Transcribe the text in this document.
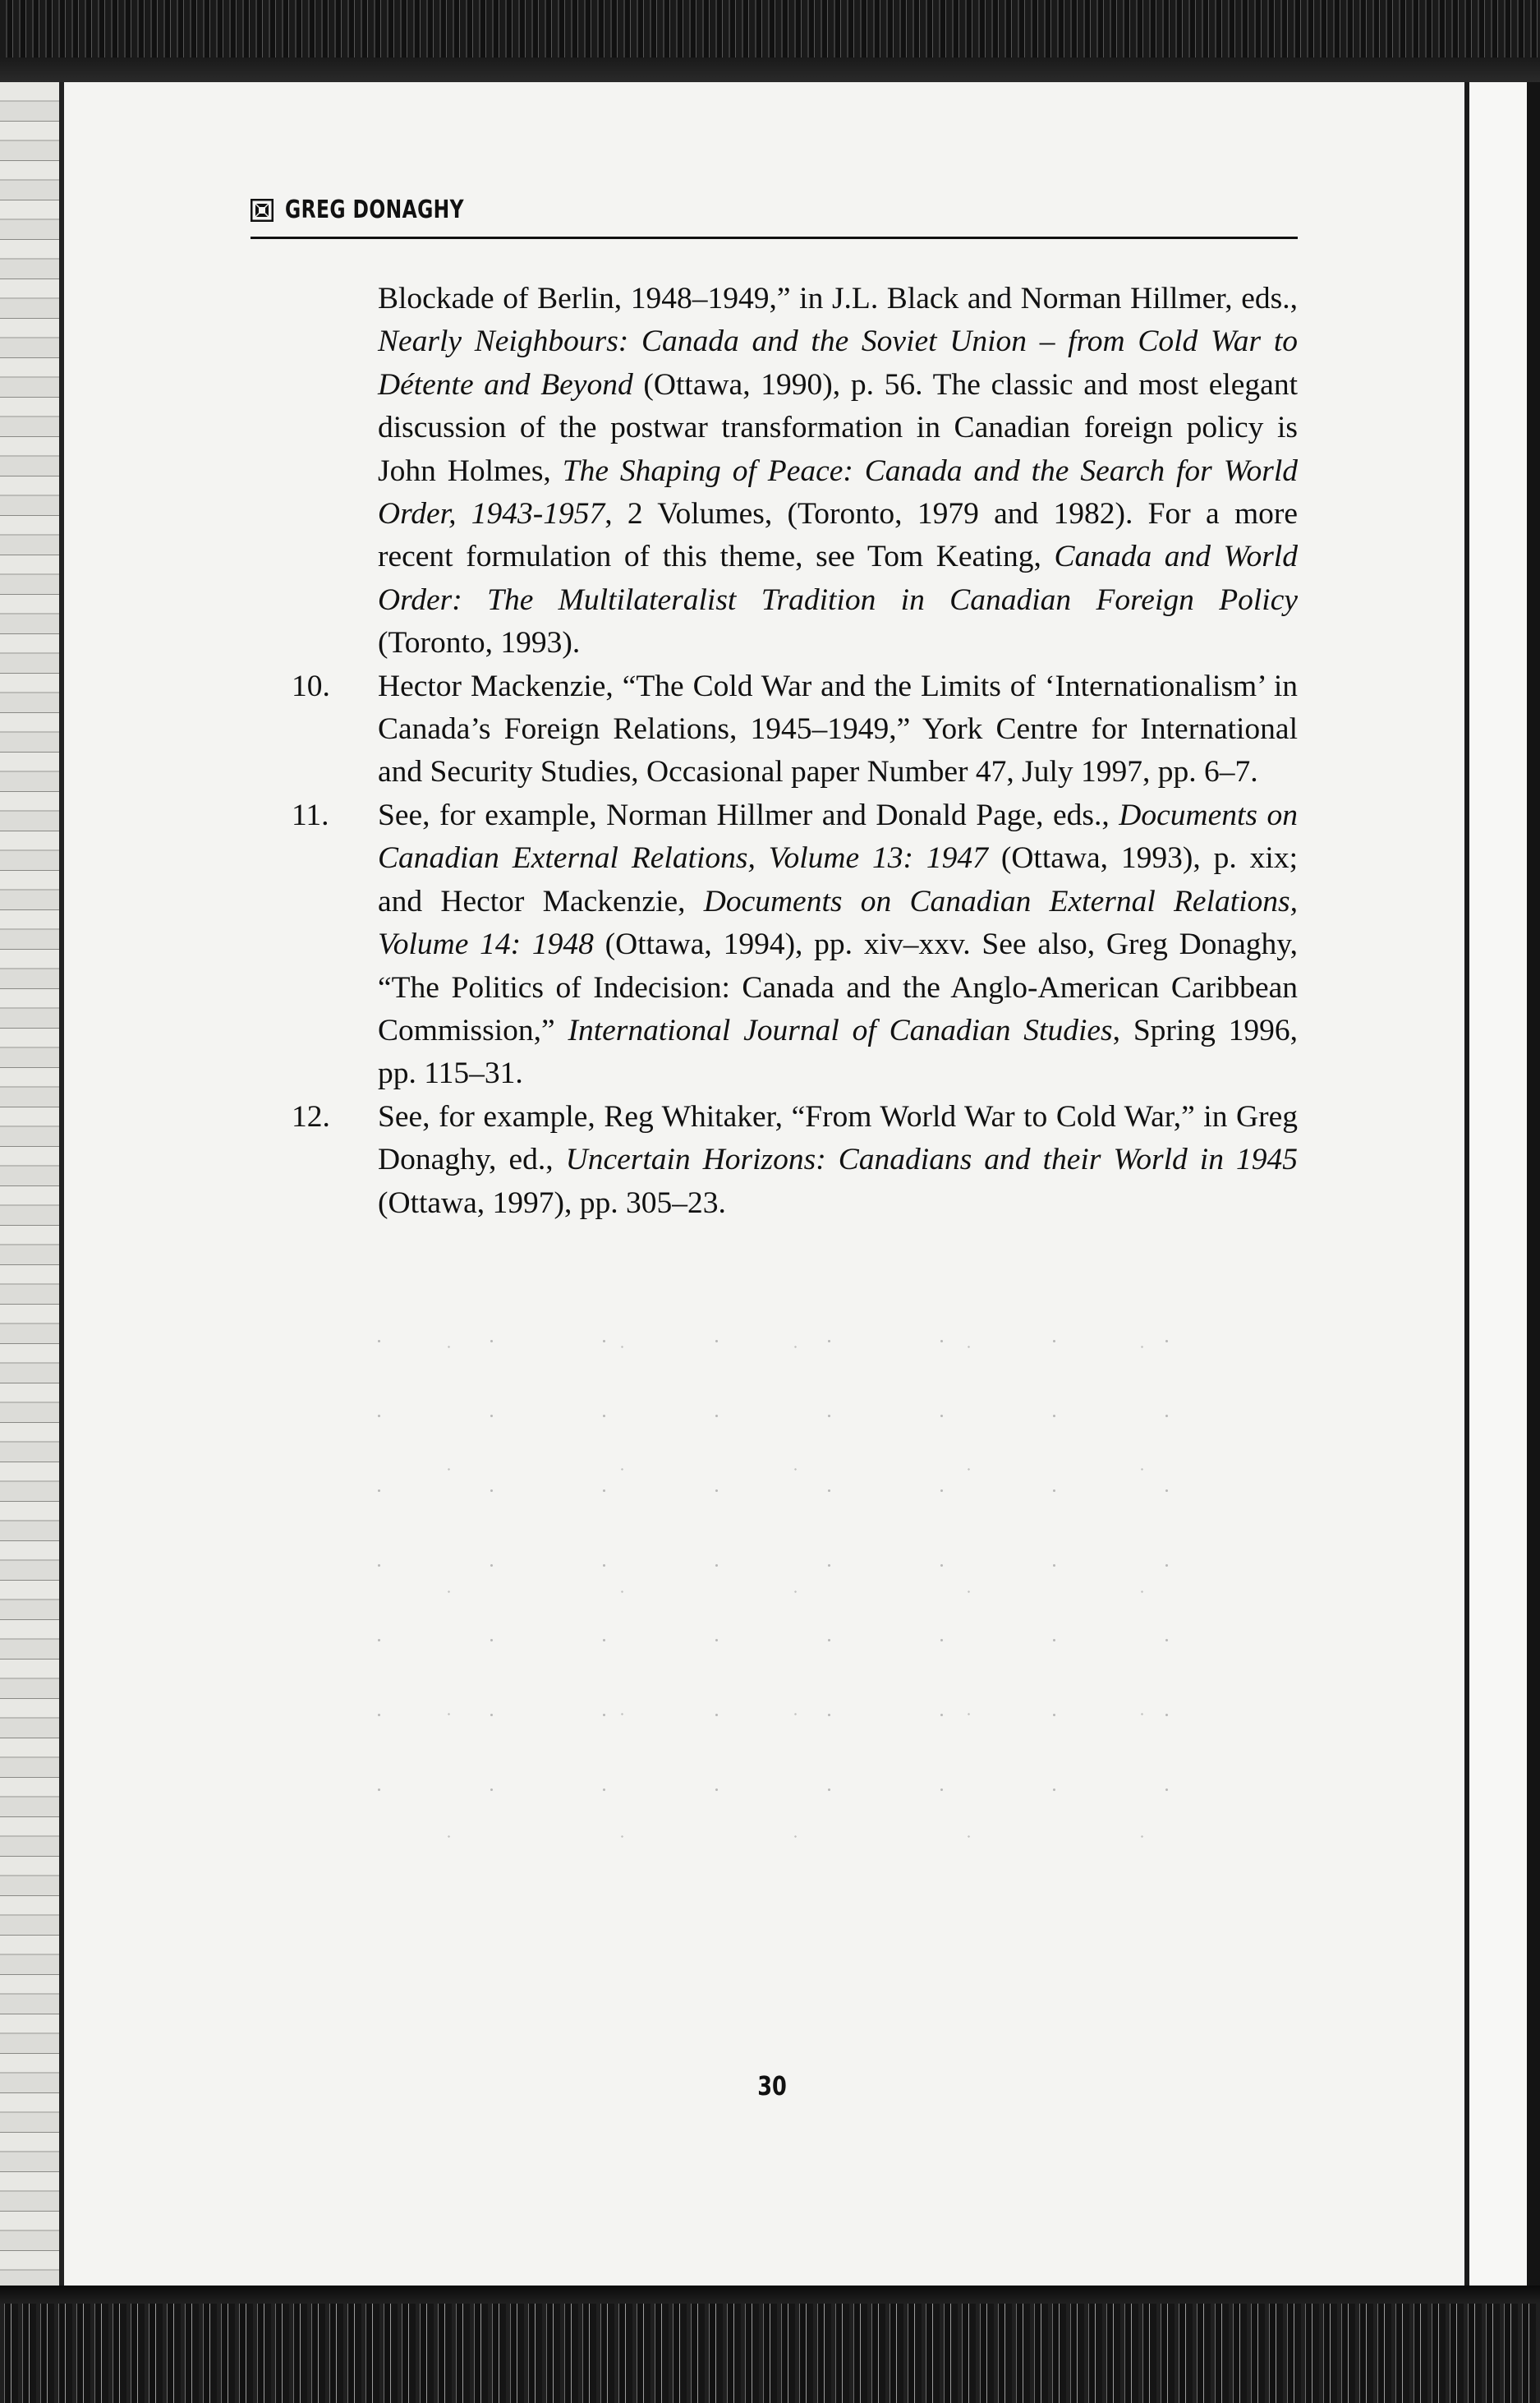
GREG DONAGHY
Blockade of Berlin, 1948–1949,” in J.L. Black and Norman Hillmer, eds., Nearly Neighbours: Canada and the Soviet Union – from Cold War to Détente and Beyond (Ottawa, 1990), p. 56. The classic and most elegant discussion of the postwar transformation in Canadian foreign policy is John Holmes, The Shaping of Peace: Canada and the Search for World Order, 1943-1957, 2 Volumes, (Toronto, 1979 and 1982). For a more recent formulation of this theme, see Tom Keating, Canada and World Order: The Multilateralist Tradition in Canadian Foreign Policy (Toronto, 1993).
10. Hector Mackenzie, “The Cold War and the Limits of ‘Internationalism’ in Canada’s Foreign Relations, 1945–1949,” York Centre for International and Security Studies, Occasional paper Number 47, July 1997, pp. 6–7.
11. See, for example, Norman Hillmer and Donald Page, eds., Documents on Canadian External Relations, Volume 13: 1947 (Ottawa, 1993), p. xix; and Hector Mackenzie, Documents on Canadian External Relations, Volume 14: 1948 (Ottawa, 1994), pp. xiv–xxv. See also, Greg Donaghy, “The Politics of Indecision: Canada and the Anglo-American Caribbean Commission,” International Journal of Canadian Studies, Spring 1996, pp. 115–31.
12. See, for example, Reg Whitaker, “From World War to Cold War,” in Greg Donaghy, ed., Uncertain Horizons: Canadians and their World in 1945 (Ottawa, 1997), pp. 305–23.
30
